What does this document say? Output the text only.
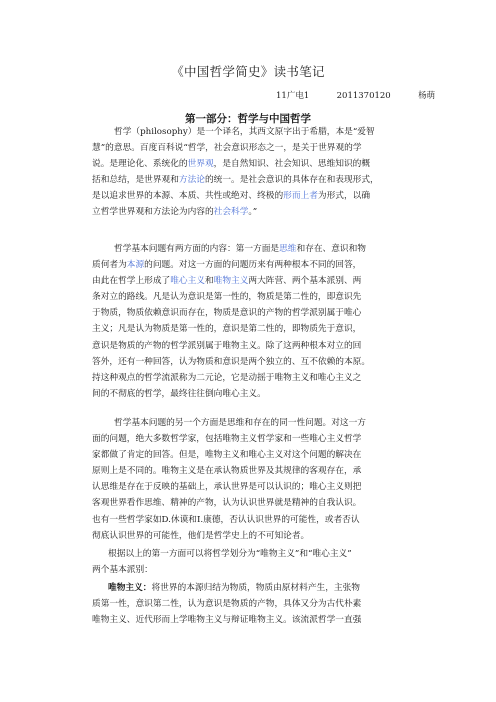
《中国哲学简史》读书笔记
11广电1	2011370120	杨萌
第一部分：哲学与中国哲学
哲学（philosophy）是一个译名，其西文原字出于希腊，本是“爱智
慧”的意思。百度百科说“哲学，社会意识形态之一，是关于世界观的学
说。是理论化、系统化的世界观，是自然知识、社会知识、思维知识的概
括和总结，是世界观和方法论的统一。是社会意识的具体存在和表现形式，
是以追求世界的本源、本质、共性或绝对、终极的形而上者为形式，以确
立哲学世界观和方法论为内容的社会科学。”
哲学基本问题有两方面的内容：第一方面是思维和存在、意识和物
质何者为本源的问题。对这一方面的问题历来有两种根本不同的回答，
由此在哲学上形成了唯心主义和唯物主义两大阵营、两个基本派别、两
条对立的路线。凡是认为意识是第一性的，物质是第二性的，即意识先
于物质，物质依赖意识而存在，物质是意识的产物的哲学派别属于唯心
主义；凡是认为物质是第一性的，意识是第二性的，即物质先于意识，
意识是物质的产物的哲学派别属于唯物主义。除了这两种根本对立的回
答外，还有一种回答，认为物质和意识是两个独立的、互不依赖的本原。
持这种观点的哲学流派称为二元论，它是动摇于唯物主义和唯心主义之
间的不彻底的哲学，最终往往倒向唯心主义。
哲学基本问题的另一个方面是思维和存在的同一性问题。对这一方
面的问题，绝大多数哲学家，包括唯物主义哲学家和一些唯心主义哲学
家都做了肯定的回答。但是，唯物主义和唯心主义对这个问题的解决在
原则上是不同的。唯物主义是在承认物质世界及其规律的客观存在，承
认思维是存在于反映的基础上，承认世界是可以认识的；唯心主义则把
客观世界看作思维、精神的产物，认为认识世界就是精神的自我认识。
也有一些哲学家如D.休谟和I.康德，否认认识世界的可能性，或者否认
彻底认识世界的可能性，他们是哲学史上的不可知论者。
根据以上的第一方面可以将哲学划分为“唯物主义”和“唯心主义”
两个基本派别：
唯物主义：将世界的本源归结为物质，物质由原材料产生，主张物
质第一性，意识第二性，认为意识是物质的产物，具体又分为古代朴素
唯物主义、近代形而上学唯物主义与辩证唯物主义。该流派哲学一直强
